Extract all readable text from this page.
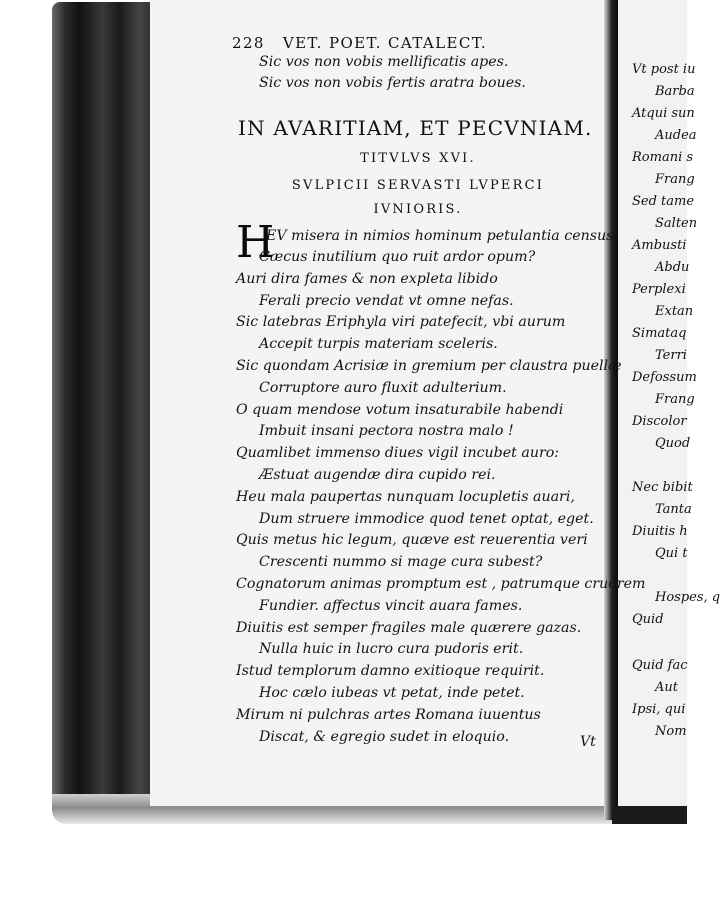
228 VET. POET. CATALECT.
Sic vos non vobis mellificatis apes.
Sic vos non vobis fertis aratra boues.
IN AVARITIAM, ET PECVNIAM.
TITVLVS XVI.
SVLPICII SERVASTI LVPERCI
IVNIORIS.
H
EV misera in nimios hominum petulantia census,
Cæcus inutilium quo ruit ardor opum?
Auri dira fames & non expleta libido
Ferali precio vendat vt omne nefas.
Sic latebras Eriphyla viri patefecit, vbi aurum
Accepit turpis materiam sceleris.
Sic quondam Acrisiæ in gremium per claustra puellæ
Corruptore auro fluxit adulterium.
O quam mendose votum insaturabile habendi
Imbuit insani pectora nostra malo !
Quamlibet immenso diues vigil incubet auro:
Æstuat augendæ dira cupido rei.
Heu mala paupertas nunquam locupletis auari,
Dum struere immodice quod tenet optat, eget.
Quis metus hic legum, quæve est reuerentia veri
Crescenti nummo si mage cura subest?
Cognatorum animas promptum est , patrumque cruorem
Fundier. affectus vincit auara fames.
Diuitis est semper fragiles male quærere gazas.
Nulla huic in lucro cura pudoris erit.
Istud templorum damno exitioque requirit.
Hoc cælo iubeas vt petat, inde petet.
Mirum ni pulchras artes Romana iuuentus
Discat, & egregio sudet in eloquio.	Vt
Vt post iu
Barba
Atqui sun
Audea
Romani s
Frang
Sed tame
Salten
Ambusti
Abdu
Perplexi
Extan
Simataq
Terri
Defossum
Frang
Discolor
Quod
Nec bibit
Tanta
Diuitis h
Qui t
Hospes, q
Quid
Quid fac
Aut
Ipsi, qui
Nom
